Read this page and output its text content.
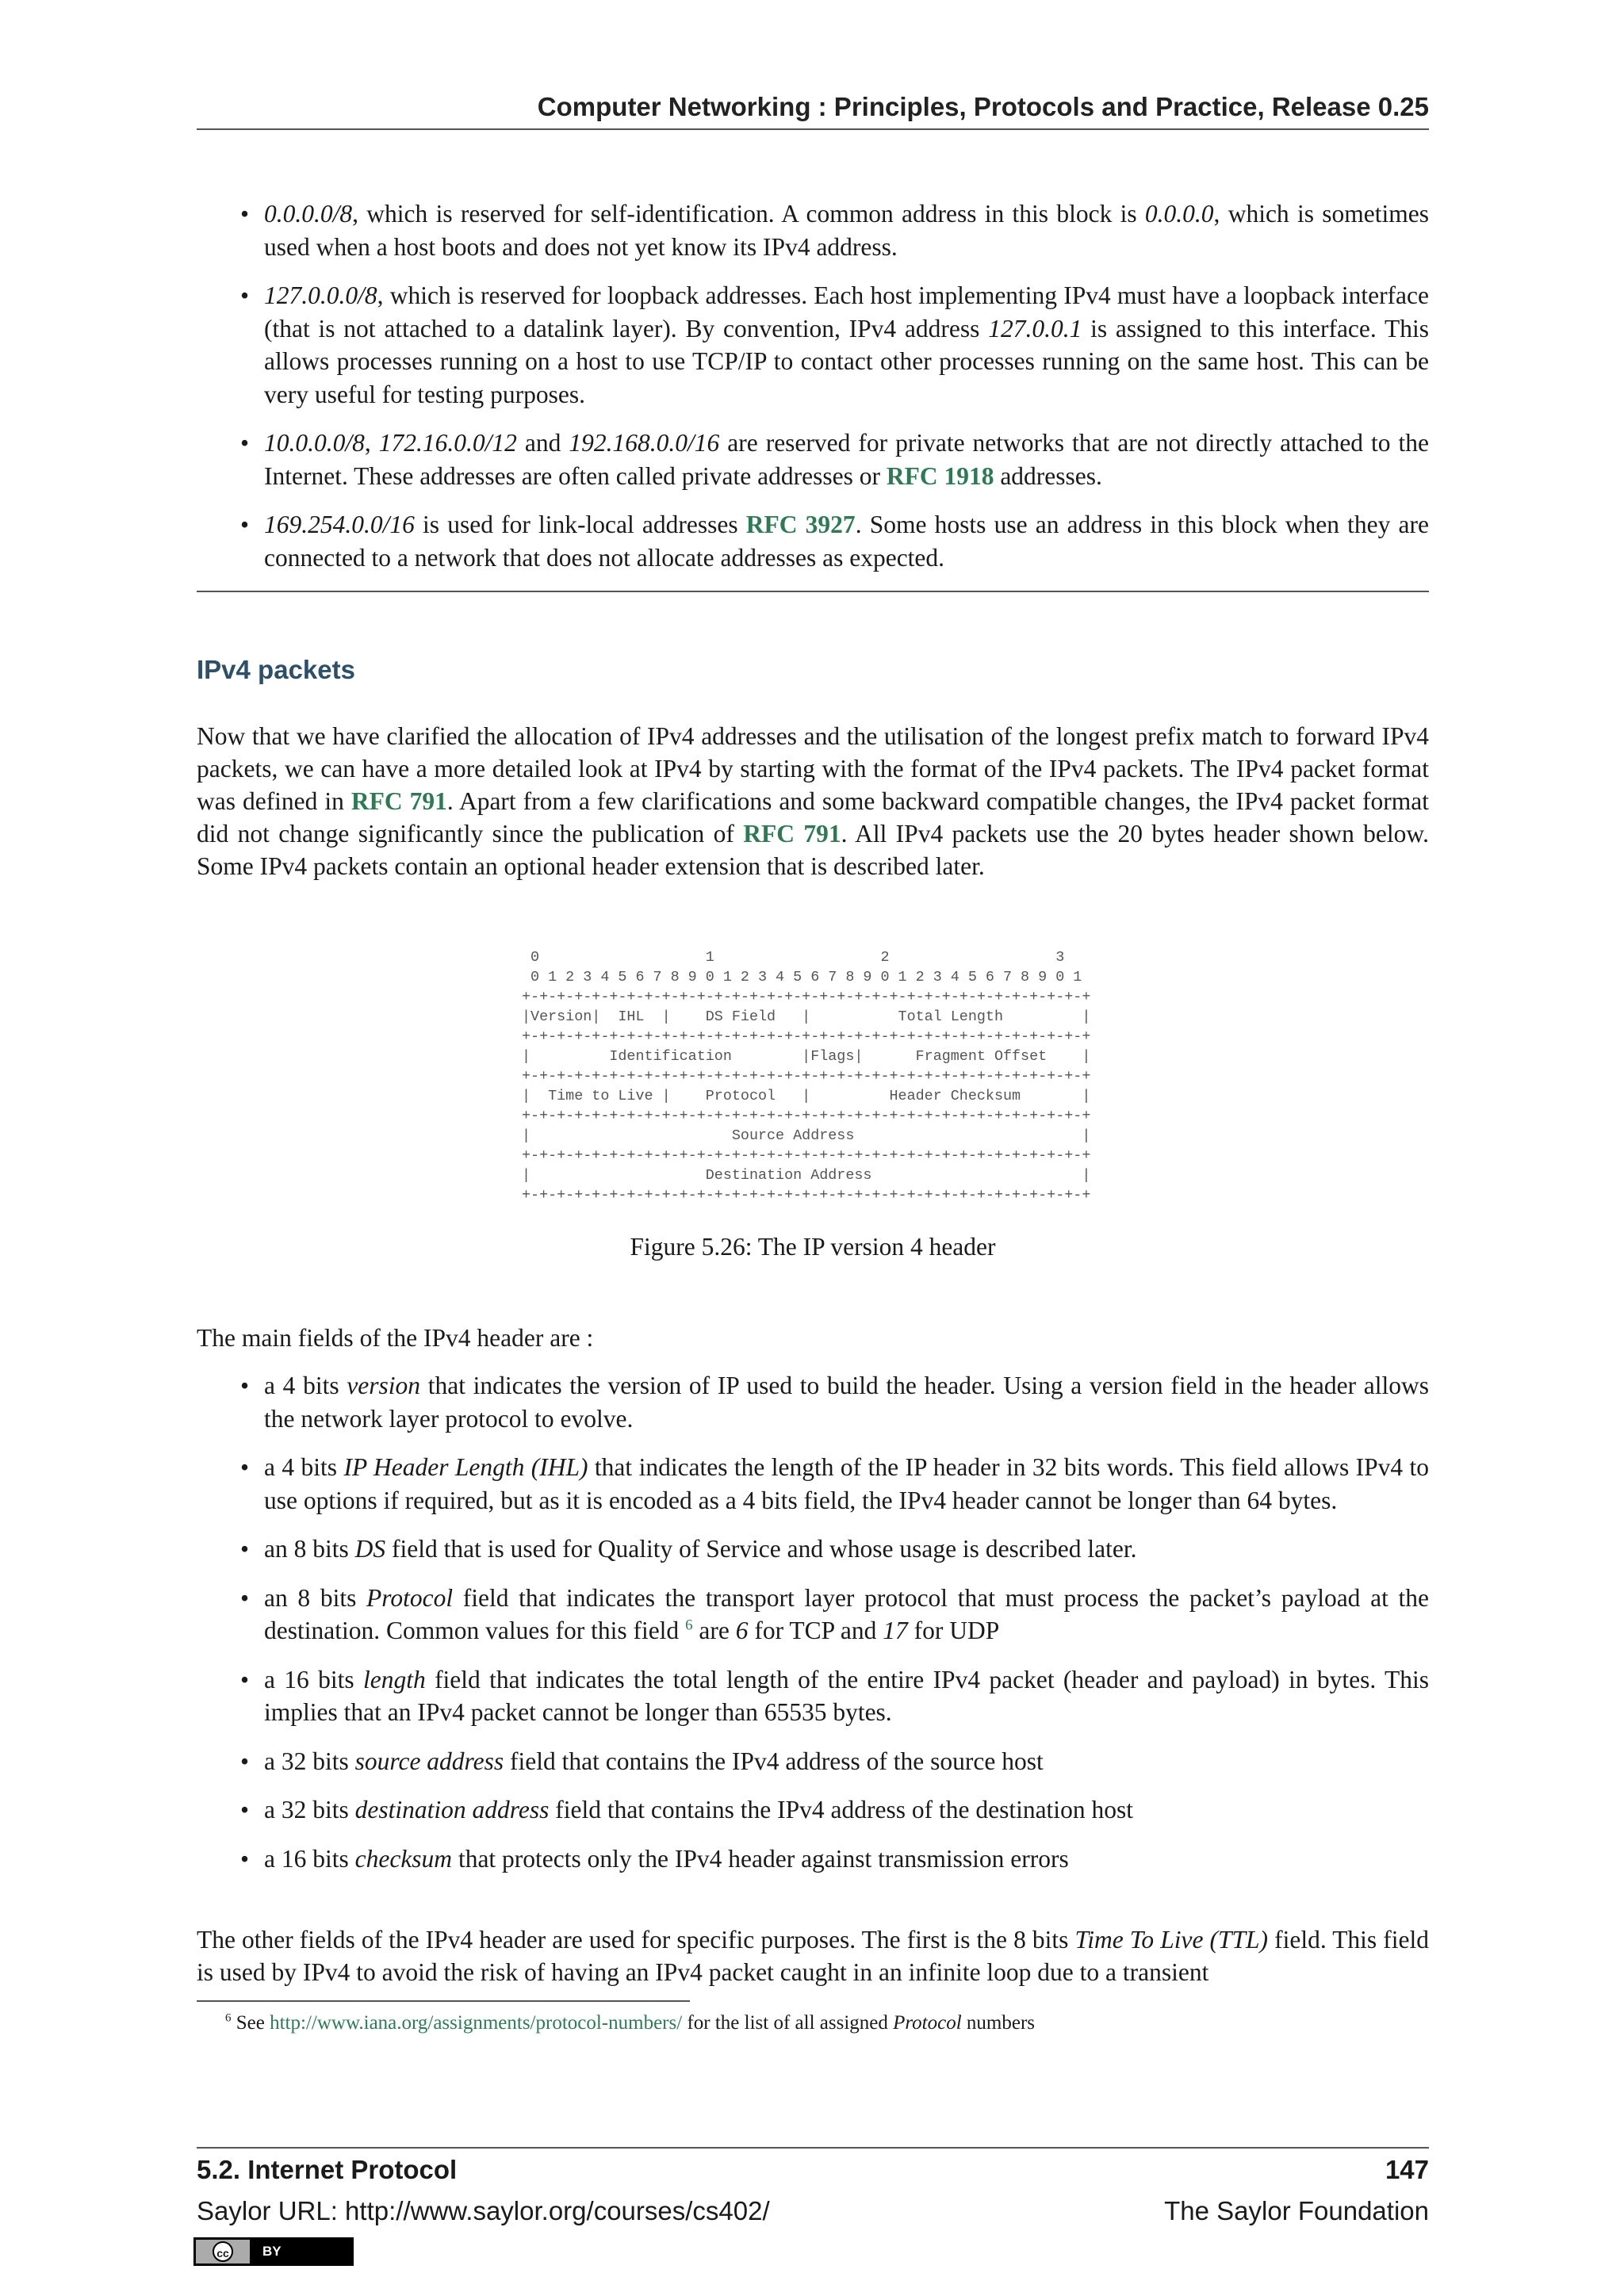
Computer Networking : Principles, Protocols and Practice, Release 0.25
• 0.0.0.0/8, which is reserved for self-identification. A common address in this block is 0.0.0.0, which is sometimes used when a host boots and does not yet know its IPv4 address.
• 127.0.0.0/8, which is reserved for loopback addresses. Each host implementing IPv4 must have a loopback interface (that is not attached to a datalink layer). By convention, IPv4 address 127.0.0.1 is assigned to this interface. This allows processes running on a host to use TCP/IP to contact other processes running on the same host. This can be very useful for testing purposes.
• 10.0.0.0/8, 172.16.0.0/12 and 192.168.0.0/16 are reserved for private networks that are not directly attached to the Internet. These addresses are often called private addresses or RFC 1918 addresses.
• 169.254.0.0/16 is used for link-local addresses RFC 3927. Some hosts use an address in this block when they are connected to a network that does not allocate addresses as expected.
IPv4 packets

Now that we have clarified the allocation of IPv4 addresses and the utilisation of the longest prefix match to forward IPv4 packets, we can have a more detailed look at IPv4 by starting with the format of the IPv4 packets. The IPv4 packet format was defined in RFC 791. Apart from a few clarifications and some backward compatible changes, the IPv4 packet format did not change significantly since the publication of RFC 791. All IPv4 packets use the 20 bytes header shown below. Some IPv4 packets contain an optional header extension that is described later.

0                   1                   2                   3
0 1 2 3 4 5 6 7 8 9 0 1 2 3 4 5 6 7 8 9 0 1 2 3 4 5 6 7 8 9 0 1
+-+-+-+-+-+-+-+-+-+-+-+-+-+-+-+-+-+-+-+-+-+-+-+-+-+-+-+-+-+-+-+-+
|Version|  IHL  |    DS Field   |          Total Length         |
+-+-+-+-+-+-+-+-+-+-+-+-+-+-+-+-+-+-+-+-+-+-+-+-+-+-+-+-+-+-+-+-+
|         Identification        |Flags|      Fragment Offset    |
+-+-+-+-+-+-+-+-+-+-+-+-+-+-+-+-+-+-+-+-+-+-+-+-+-+-+-+-+-+-+-+-+
|  Time to Live |    Protocol   |         Header Checksum       |
+-+-+-+-+-+-+-+-+-+-+-+-+-+-+-+-+-+-+-+-+-+-+-+-+-+-+-+-+-+-+-+-+
|                       Source Address                          |
+-+-+-+-+-+-+-+-+-+-+-+-+-+-+-+-+-+-+-+-+-+-+-+-+-+-+-+-+-+-+-+-+
|                    Destination Address                        |
+-+-+-+-+-+-+-+-+-+-+-+-+-+-+-+-+-+-+-+-+-+-+-+-+-+-+-+-+-+-+-+-+
Figure 5.26: The IP version 4 header
The main fields of the IPv4 header are :
• a 4 bits version that indicates the version of IP used to build the header. Using a version field in the header allows the network layer protocol to evolve.
• a 4 bits IP Header Length (IHL) that indicates the length of the IP header in 32 bits words. This field allows IPv4 to use options if required, but as it is encoded as a 4 bits field, the IPv4 header cannot be longer than 64 bytes.
• an 8 bits DS field that is used for Quality of Service and whose usage is described later.
• an 8 bits Protocol field that indicates the transport layer protocol that must process the packet’s payload at the destination. Common values for this field $^6$ are 6 for TCP and 17 for UDP
• a 16 bits length field that indicates the total length of the entire IPv4 packet (header and payload) in bytes. This implies that an IPv4 packet cannot be longer than 65535 bytes.
• a 32 bits source address field that contains the IPv4 address of the source host
• a 32 bits destination address field that contains the IPv4 address of the destination host
• a 16 bits checksum that protects only the IPv4 header against transmission errors

The other fields of the IPv4 header are used for specific purposes. The first is the 8 bits Time To Live (TTL) field. This field is used by IPv4 to avoid the risk of having an IPv4 packet caught in an infinite loop due to a transient

$^6$ See http://www.iana.org/assignments/protocol-numbers/ for the list of all assigned Protocol numbers
5.2. Internet Protocol	147
Saylor URL: http://www.saylor.org/courses/cs402/	The Saylor Foundation
cc	BY
